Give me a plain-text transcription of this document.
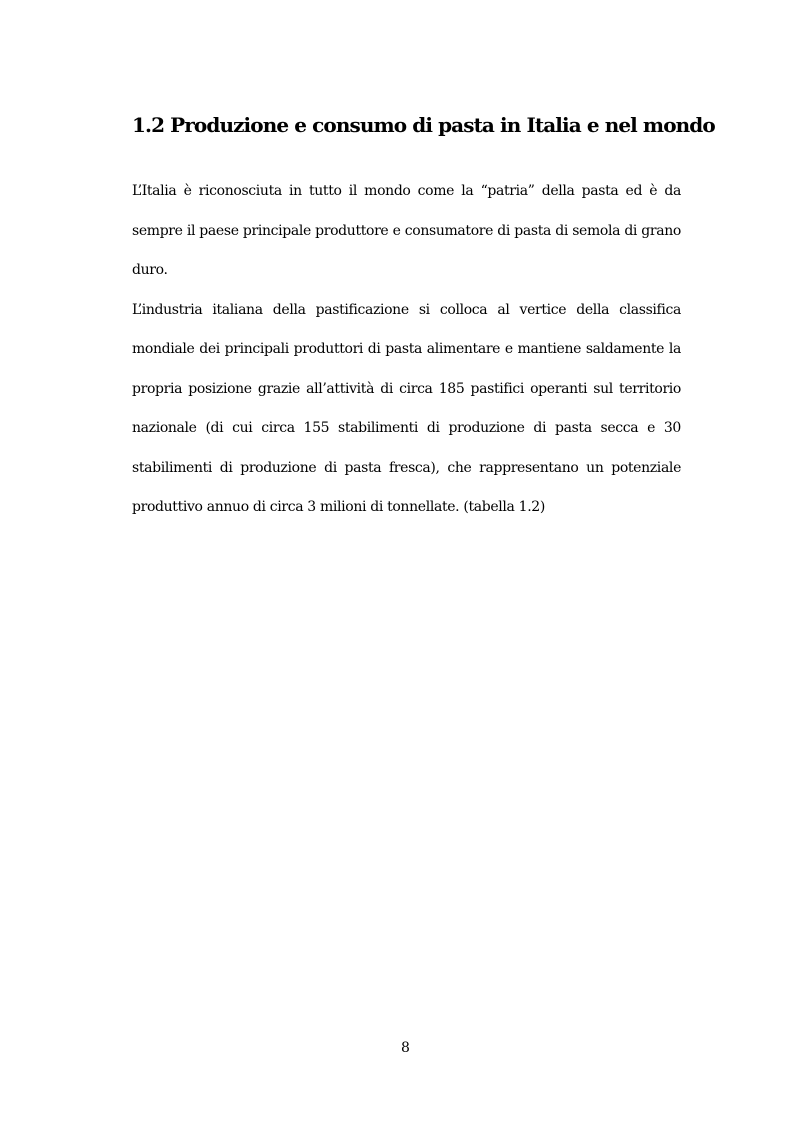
1.2 Produzione e consumo di pasta in Italia e nel mondo

L’Italia è riconosciuta in tutto il mondo come la “patria” della pasta ed è da sempre il paese principale produttore e consumatore di pasta di semola di grano duro.

L’industria italiana della pastificazione si colloca al vertice della classifica mondiale dei principali produttori di pasta alimentare e mantiene saldamente la propria posizione grazie all’attività di circa 185 pastifici operanti sul territorio nazionale (di cui circa 155 stabilimenti di produzione di pasta secca e 30 stabilimenti di produzione di pasta fresca), che rappresentano un potenziale produttivo annuo di circa 3 milioni di tonnellate. (tabella 1.2)

8
